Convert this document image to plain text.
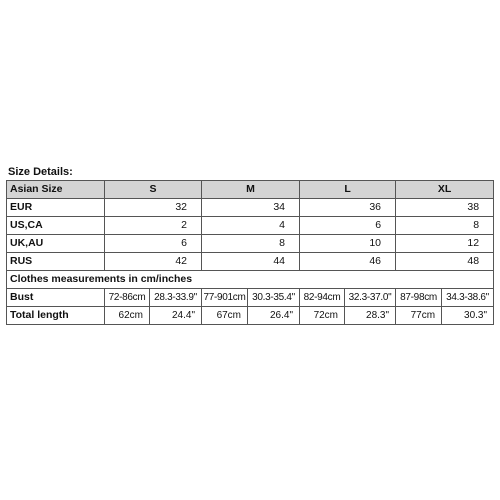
Size Details:
Asian Size	S		M		L		XL	
EUR	32		34		36		38	
US,CA	2		4		6		8	
UK,AU	6		8		10		12	
RUS	42		44		46		48	
Clothes measurements in cm/inches								
Bust	72-86cm	28.3-33.9"	77-901cm	30.3-35.4"	82-94cm	32.3-37.0"	87-98cm	34.3-38.6"
Total length	62cm	24.4"	67cm	26.4"	72cm	28.3"	77cm	30.3"
